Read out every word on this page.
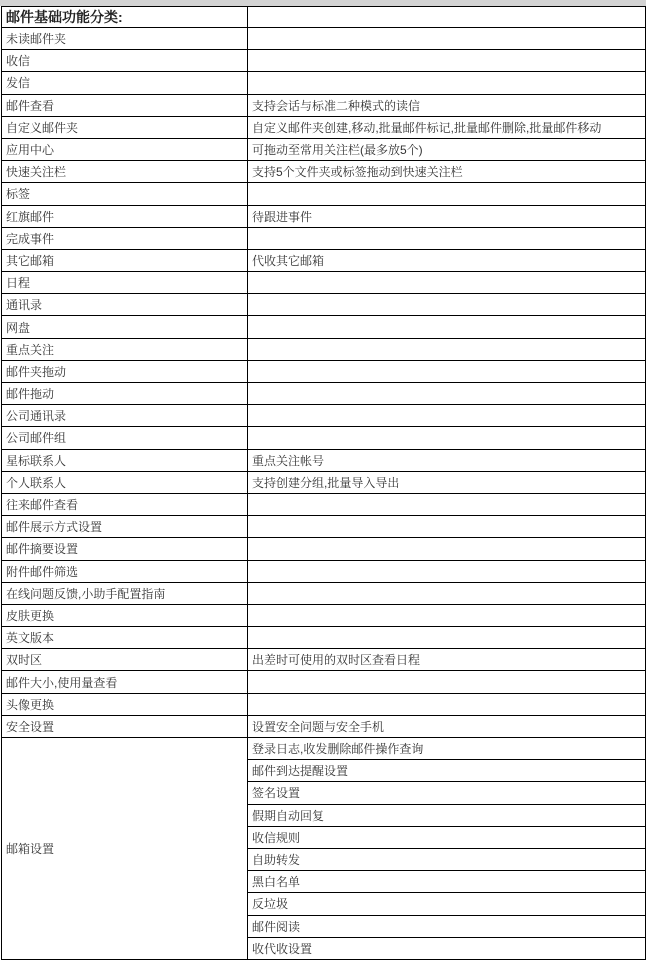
邮件基础功能分类:	
未读邮件夹	
收信	
发信	
邮件查看	支持会话与标准二种模式的读信
自定义邮件夹	自定义邮件夹创建,移动,批量邮件标记,批量邮件删除,批量邮件移动
应用中心	可拖动至常用关注栏(最多放5个)
快速关注栏	支持5个文件夹或标签拖动到快速关注栏
标签	
红旗邮件	待跟进事件
完成事件	
其它邮箱	代收其它邮箱
日程	
通讯录	
网盘	
重点关注	
邮件夹拖动	
邮件拖动	
公司通讯录	
公司邮件组	
星标联系人	重点关注帐号
个人联系人	支持创建分组,批量导入导出
往来邮件查看	
邮件展示方式设置	
邮件摘要设置	
附件邮件筛选	
在线问题反馈,小助手配置指南	
皮肤更换	
英文版本	
双时区	出差时可使用的双时区查看日程
邮件大小,使用量查看	
头像更换	
安全设置	设置安全问题与安全手机
邮箱设置	登录日志,收发删除邮件操作查询
	邮件到达提醒设置
	签名设置
	假期自动回复
	收信规则
	自助转发
	黑白名单
	反垃圾
	邮件阅读
	收代收设置
